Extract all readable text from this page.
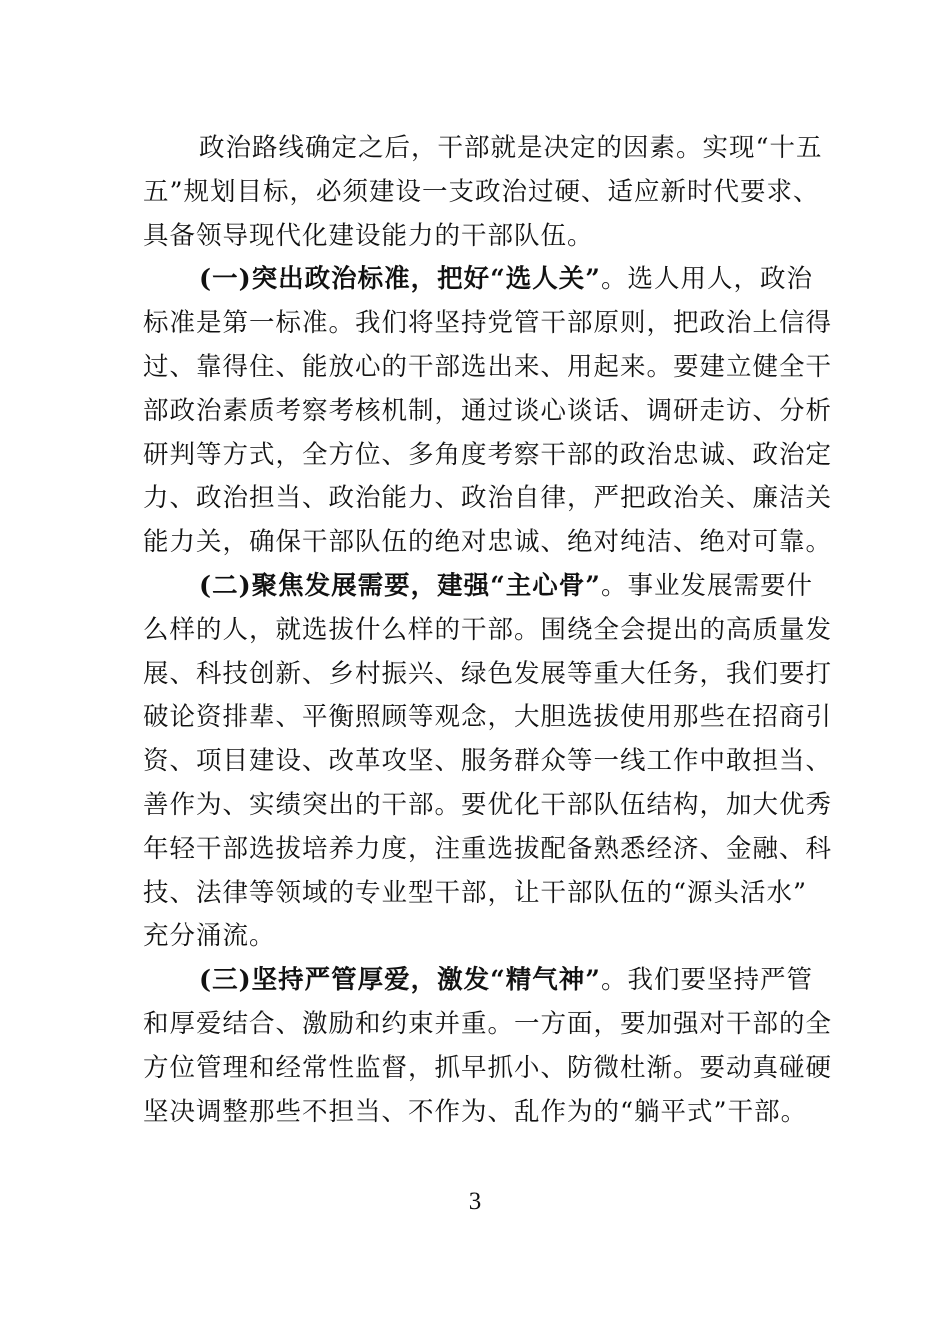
政治路线确定之后，干部就是决定的因素。实现“十五
五”规划目标，必须建设一支政治过硬、适应新时代要求、
具备领导现代化建设能力的干部队伍。
(一)突出政治标准，把好“选人关”。选人用人，政治
标准是第一标准。我们将坚持党管干部原则，把政治上信得
过、靠得住、能放心的干部选出来、用起来。要建立健全干
部政治素质考察考核机制，通过谈心谈话、调研走访、分析
研判等方式，全方位、多角度考察干部的政治忠诚、政治定
力、政治担当、政治能力、政治自律，严把政治关、廉洁关
能力关，确保干部队伍的绝对忠诚、绝对纯洁、绝对可靠。
(二)聚焦发展需要，建强“主心骨”。事业发展需要什
么样的人，就选拔什么样的干部。围绕全会提出的高质量发
展、科技创新、乡村振兴、绿色发展等重大任务，我们要打
破论资排辈、平衡照顾等观念，大胆选拔使用那些在招商引
资、项目建设、改革攻坚、服务群众等一线工作中敢担当、
善作为、实绩突出的干部。要优化干部队伍结构，加大优秀
年轻干部选拔培养力度，注重选拔配备熟悉经济、金融、科
技、法律等领域的专业型干部，让干部队伍的“源头活水”
充分涌流。
(三)坚持严管厚爱，激发“精气神”。我们要坚持严管
和厚爱结合、激励和约束并重。一方面，要加强对干部的全
方位管理和经常性监督，抓早抓小、防微杜渐。要动真碰硬
坚决调整那些不担当、不作为、乱作为的“躺平式”干部。
3
